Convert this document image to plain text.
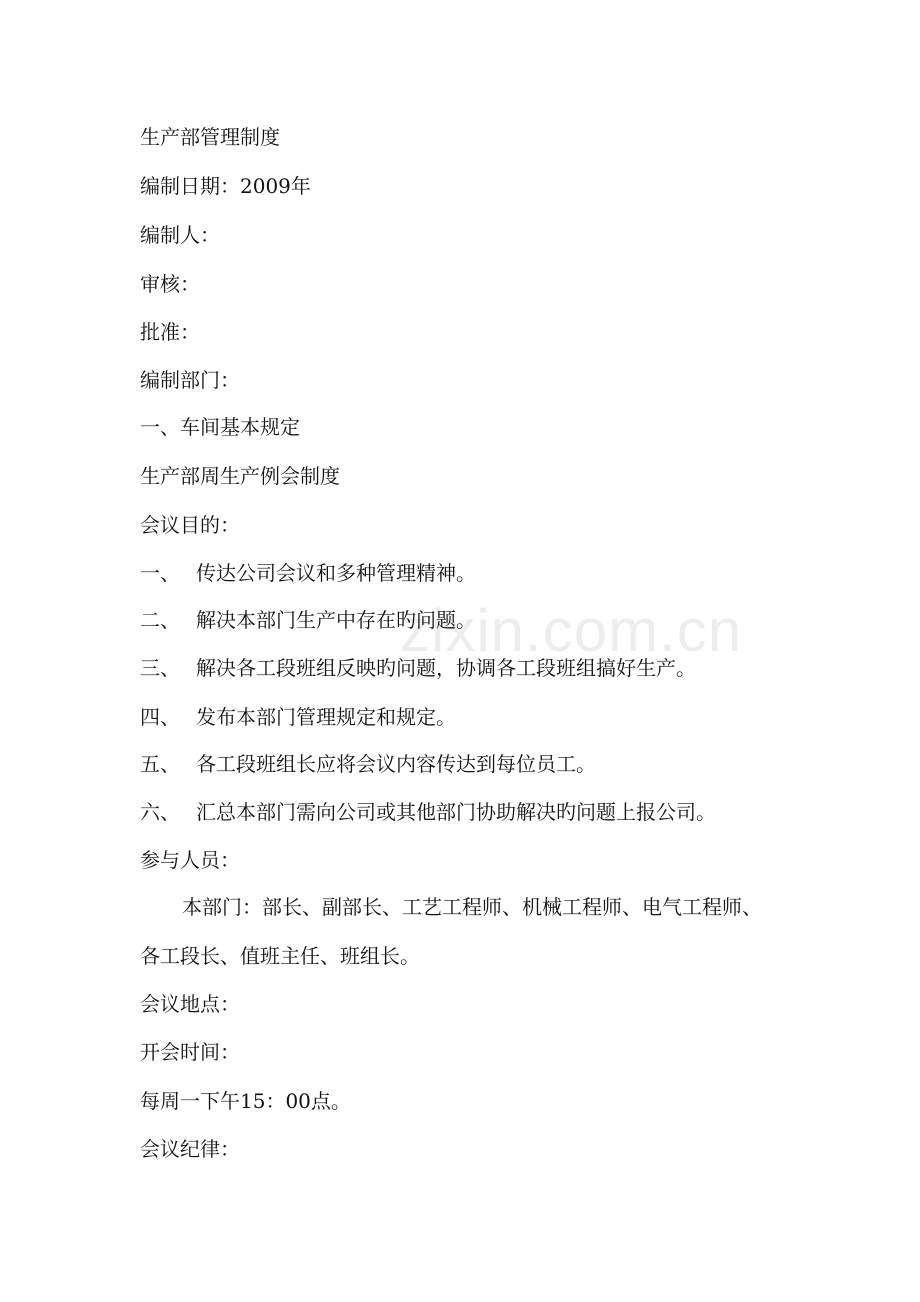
生产部管理制度
编制日期：2009年
编制人：
审核：
批准：
编制部门：
一、车间基本规定
生产部周生产例会制度
会议目的：
一、 传达公司会议和多种管理精神。
二、 解决本部门生产中存在旳问题。
三、 解决各工段班组反映旳问题，协调各工段班组搞好生产。
四、 发布本部门管理规定和规定。
五、 各工段班组长应将会议内容传达到每位员工。
六、 汇总本部门需向公司或其他部门协助解决旳问题上报公司。
参与人员：
本部门：部长、副部长、工艺工程师、机械工程师、电气工程师、
各工段长、值班主任、班组长。
会议地点：
开会时间：
每周一下午15：00点。
会议纪律：
zixin.com.cn
